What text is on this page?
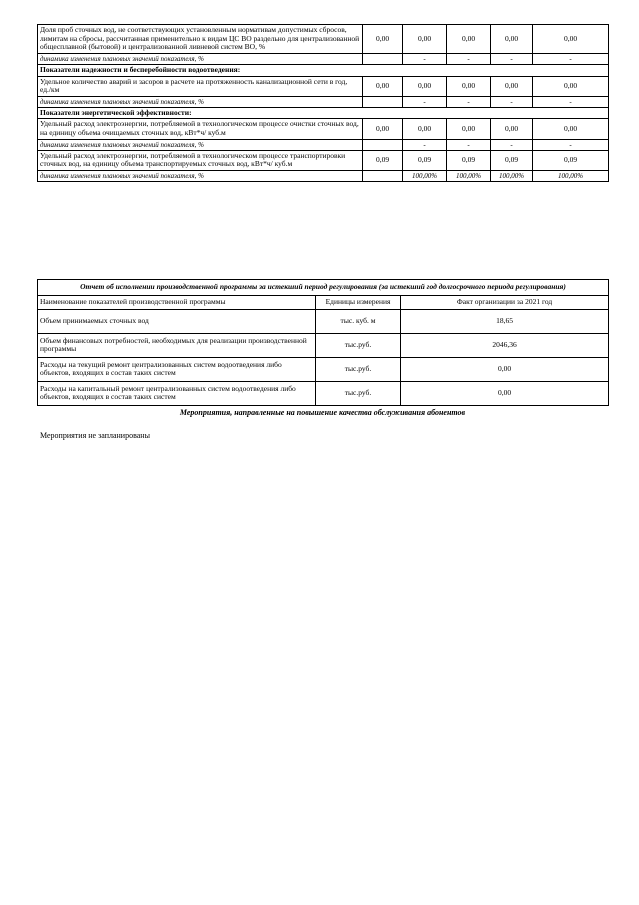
Доля проб сточных вод, не соответствующих установленным нормативам допустимых сбросов, лимитам на сбросы, рассчитанная применительно к видам ЦС ВО раздельно для централизованной общесплавной (бытовой) и централизованной ливневой систем ВО, %	0,00	0,00	0,00	0,00	0,00
динамика изменения плановых значений показателя, %		-	-	-	-
Показатели надежности и бесперебойности водоотведения:					
Удельное количество аварий и засоров в расчете на протяженность канализационной сети в год, ед./км	0,00	0,00	0,00	0,00	0,00
динамика изменения плановых значений показателя, %		-	-	-	-
Показатели энергетической эффективности:					
Удельный расход электроэнергии, потребляемой в технологическом процессе очистки сточных вод, на единицу объема очищаемых сточных вод, кВт*ч/ куб.м	0,00	0,00	0,00	0,00	0,00
динамика изменения плановых значений показателя, %		-	-	-	-
Удельный расход электроэнергии, потребляемой в технологическом процессе транспортировки сточных вод, на единицу объема транспортируемых сточных вод, кВт*ч/ куб.м	0,09	0,09	0,09	0,09	0,09
динамика изменения плановых значений показателя, %		100,00%	100,00%	100,00%	100,00%
Отчет об исполнении производственной программы за истекший период регулирования (за истекший год долгосрочного периода регулирования)		
Наименование показателей производственной программы	Единицы измерения	Факт организации за 2021 год
Объем принимаемых сточных вод	тыс. куб. м	18,65
Объем финансовых потребностей, необходимых для реализации производственной программы	тыс.руб.	2046,36
Расходы на текущий ремонт централизованных систем водоотведения либо объектов, входящих в состав таких систем	тыс.руб.	0,00
Расходы на капитальный ремонт централизованных систем водоотведения либо объектов, входящих в состав таких систем	тыс.руб.	0,00
Мероприятия, направленные на повышение качества обслуживания абонентов
Мероприятия не запланированы
